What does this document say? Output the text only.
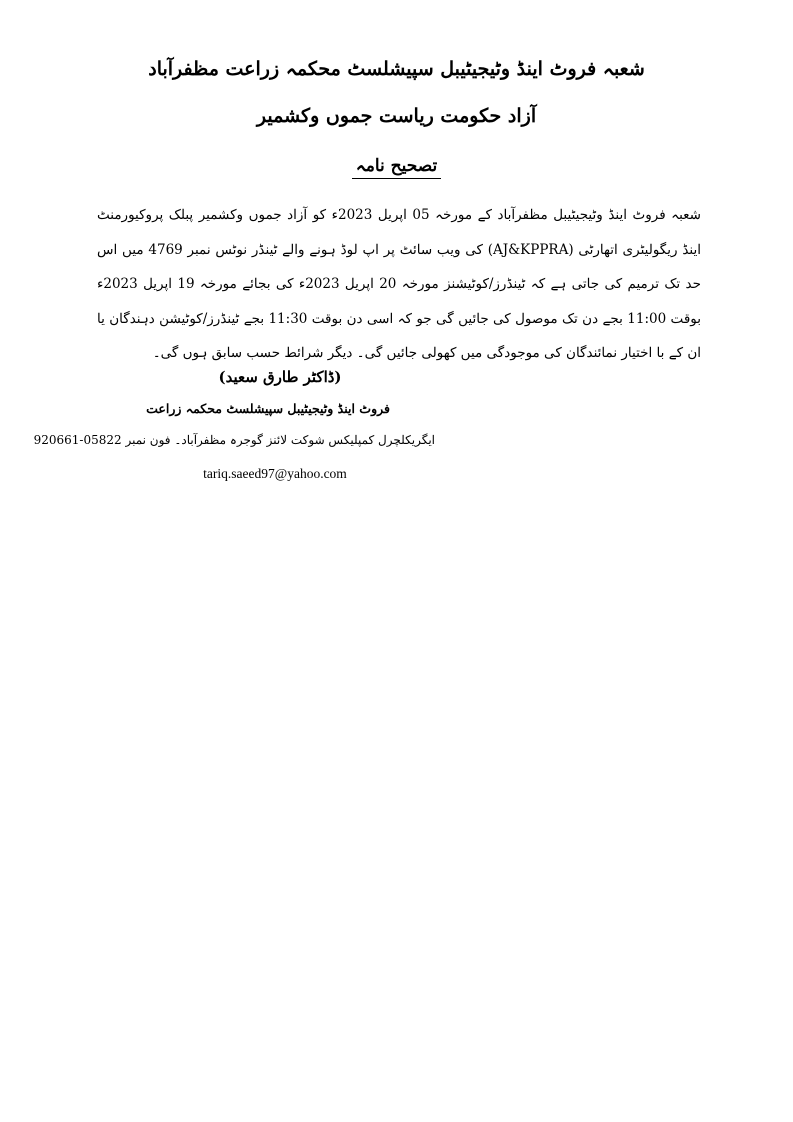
شعبہ فروٹ اینڈ وٹیجیٹیبل سپیشلسٹ محکمہ زراعت مظفرآباد
آزاد حکومت ریاست جموں وکشمیر
تصحیح نامہ
شعبہ فروٹ اینڈ وٹیجیٹیبل مظفرآباد کے مورخہ 05 اپریل 2023ء کو آزاد جموں وکشمیر پبلک پروکیورمنٹ اینڈ ریگولیٹری اتھارٹی (AJ&KPPRA) کی ویب سائٹ پر اپ لوڈ ہونے والے ٹینڈر نوٹس نمبر 4769 میں اس حد تک ترمیم کی جاتی ہے کہ ٹینڈرز/کوٹیشنز مورخہ 20 اپریل 2023ء کی بجائے مورخہ 19 اپریل 2023ء بوقت 11:00 بجے دن تک موصول کی جائیں گی جو کہ اسی دن بوقت 11:30 بجے ٹینڈرز/کوٹیشن دہندگان یا ان کے با اختیار نمائندگان کی موجودگی میں کھولی جائیں گی۔ دیگر شرائط حسب سابق ہوں گی۔
(ڈاکٹر طارق سعید)
فروٹ اینڈ وٹیجیٹیبل سپیشلسٹ محکمہ زراعت
ایگریکلچرل کمپلیکس شوکت لائنز گوجرہ مظفرآباد۔ فون نمبر 05822-920661
tariq.saeed97@yahoo.com
